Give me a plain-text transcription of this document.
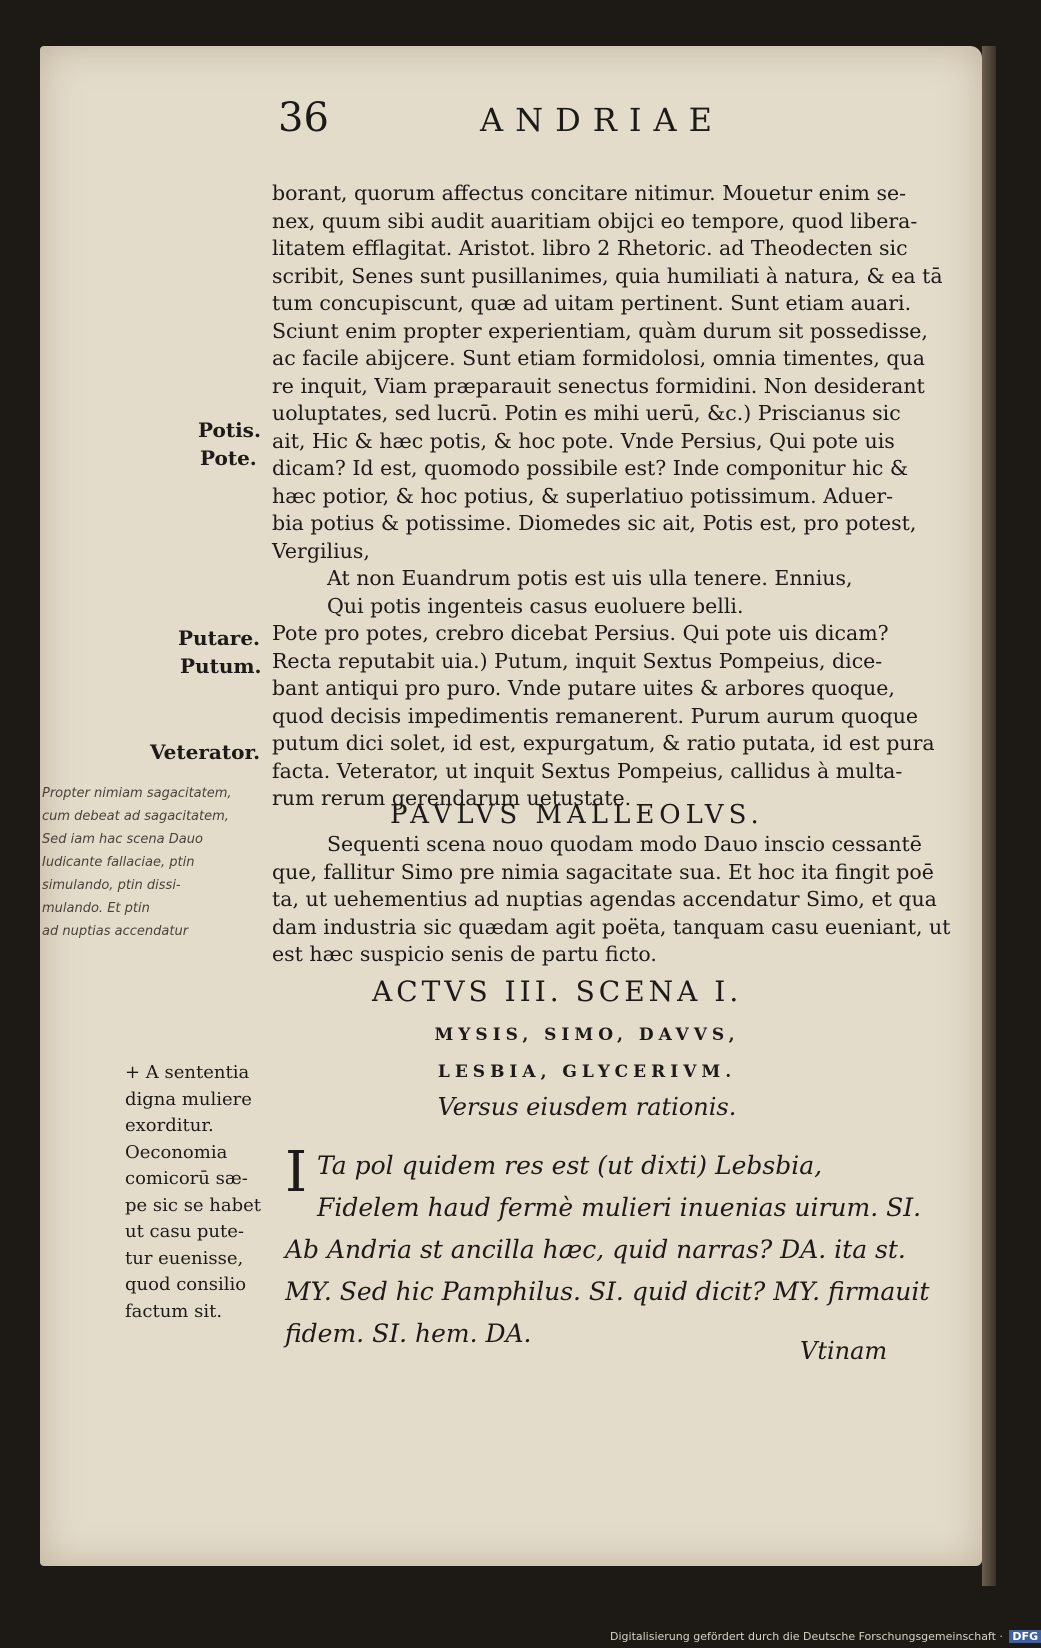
36	ANDRIAE
borant, quorum affectus concitare nitimur. Mouetur enim se-
nex, quum sibi audit auaritiam obijci eo tempore, quod libera-
litatem efflagitat. Aristot. libro 2 Rhetoric. ad Theodecten sic
scribit, Senes sunt pusillanimes, quia humiliati à natura, & ea tā
tum concupiscunt, quæ ad uitam pertinent. Sunt etiam auari.
Sciunt enim propter experientiam, quàm durum sit possedisse,
ac facile abijcere. Sunt etiam formidolosi, omnia timentes, qua
re inquit, Viam præparauit senectus formidini. Non desiderant
uoluptates, sed lucrū. Potin es mihi uerū, &c.) Priscianus sic
ait, Hic & hæc potis, & hoc pote. Vnde Persius, Qui pote uis
dicam? Id est, quomodo possibile est? Inde componitur hic &
hæc potior, & hoc potius, & superlatiuo potissimum. Aduer-
bia potius & potissime. Diomedes sic ait, Potis est, pro potest,
Vergilius,
At non Euandrum potis est uis ulla tenere. Ennius,
Qui potis ingenteis casus euoluere belli.
Pote pro potes, crebro dicebat Persius. Qui pote uis dicam?
Recta reputabit uia.) Putum, inquit Sextus Pompeius, dice-
bant antiqui pro puro. Vnde putare uites & arbores quoque,
quod decisis impedimentis remanerent. Purum aurum quoque
putum dici solet, id est, expurgatum, & ratio putata, id est pura
facta. Veterator, ut inquit Sextus Pompeius, callidus à multa-
rum rerum gerendarum uetustate.
Potis.
Pote.
Putare.
Putum.
Veterator.
Propter nimiam sagacitatem,
cum debeat ad sagacitatem,
Sed iam hac scena Dauo
Iudicante fallaciae, ptin
simulando, ptin dissi-
mulando. Et ptin
ad nuptias accendatur
PAVLVS MALLEOLVS.
Sequenti scena nouo quodam modo Dauo inscio cessantē
que, fallitur Simo pre nimia sagacitate sua. Et hoc ita fingit poē
ta, ut uehementius ad nuptias agendas accendatur Simo, et qua
dam industria sic quædam agit poëta, tanquam casu eueniant, ut
est hæc suspicio senis de partu ficto.
ACTVS III. SCENA I.
MYSIS, SIMO, DAVVS,
LESBIA, GLYCERIVM.
Versus eiusdem rationis.
+ A sententia
digna muliere
exorditur.
Oeconomia
comicorū sæ-
pe sic se habet
ut casu pute-
tur euenisse,
quod consilio
factum sit.
I Ta pol quidem res est (ut dixti) Lebsbia,
Fidelem haud fermè mulieri inuenias uirum. SI.
Ab Andria st ancilla hæc, quid narras? DA. ita st.
MY. Sed hic Pamphilus. SI. quid dicit? MY. firmauit
fidem. SI. hem. DA.
Vtinam
Digitalisierung gefördert durch die Deutsche Forschungsgemeinschaft · DFG
